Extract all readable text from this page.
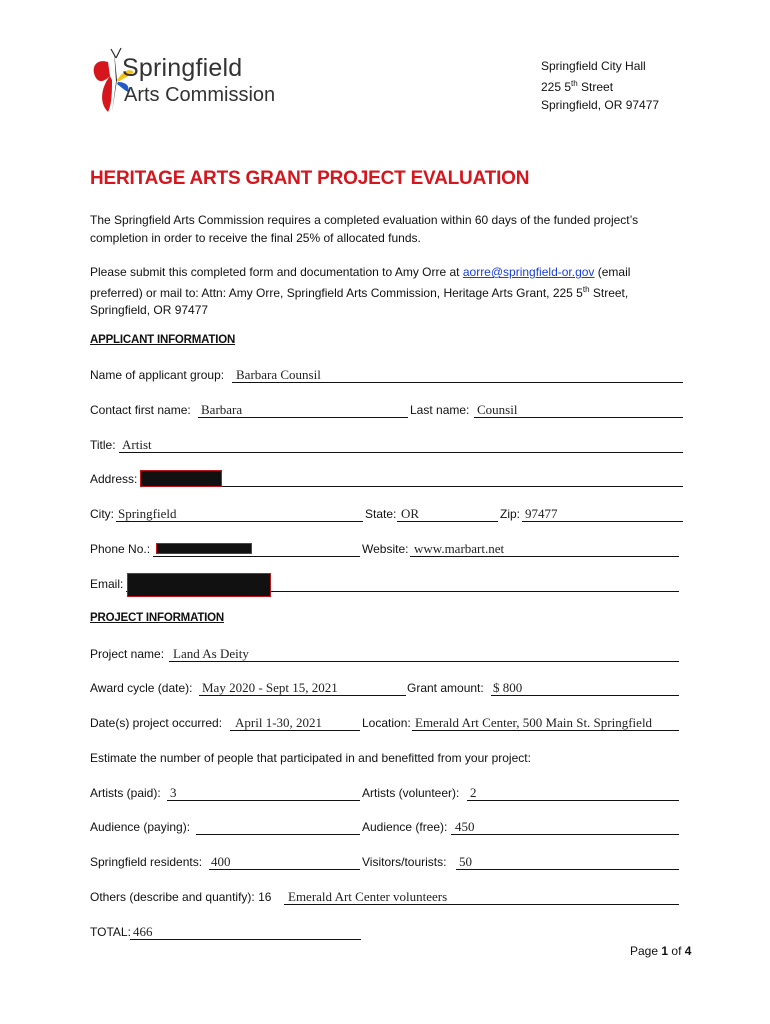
Springfield
Arts Commission
Springfield City Hall
225 5th Street
Springfield, OR 97477
HERITAGE ARTS GRANT PROJECT EVALUATION
The Springfield Arts Commission requires a completed evaluation within 60 days of the funded project’s completion in order to receive the final 25% of allocated funds.
Please submit this completed form and documentation to Amy Orre at aorre@springfield-or.gov (email preferred) or mail to: Attn: Amy Orre, Springfield Arts Commission, Heritage Arts Grant, 225 5th Street, Springfield, OR 97477
APPLICANT INFORMATION
Name of applicant group: Barbara Counsil
Contact first name: Barbara	Last name: Counsil
Title: Artist
Address:
City: Springfield	State: OR	Zip: 97477
Phone No.:	Website: www.marbart.net
Email:
PROJECT INFORMATION
Project name: Land As Deity
Award cycle (date): May 2020 - Sept 15, 2021	Grant amount: $ 800
Date(s) project occurred: April 1-30, 2021	Location: Emerald Art Center, 500 Main St. Springfield
Estimate the number of people that participated in and benefitted from your project:
Artists (paid): 3	Artists (volunteer): 2
Audience (paying):	Audience (free): 450
Springfield residents: 400	Visitors/tourists: 50
Others (describe and quantify): 16 Emerald Art Center volunteers
TOTAL: 466
Page 1 of 4
